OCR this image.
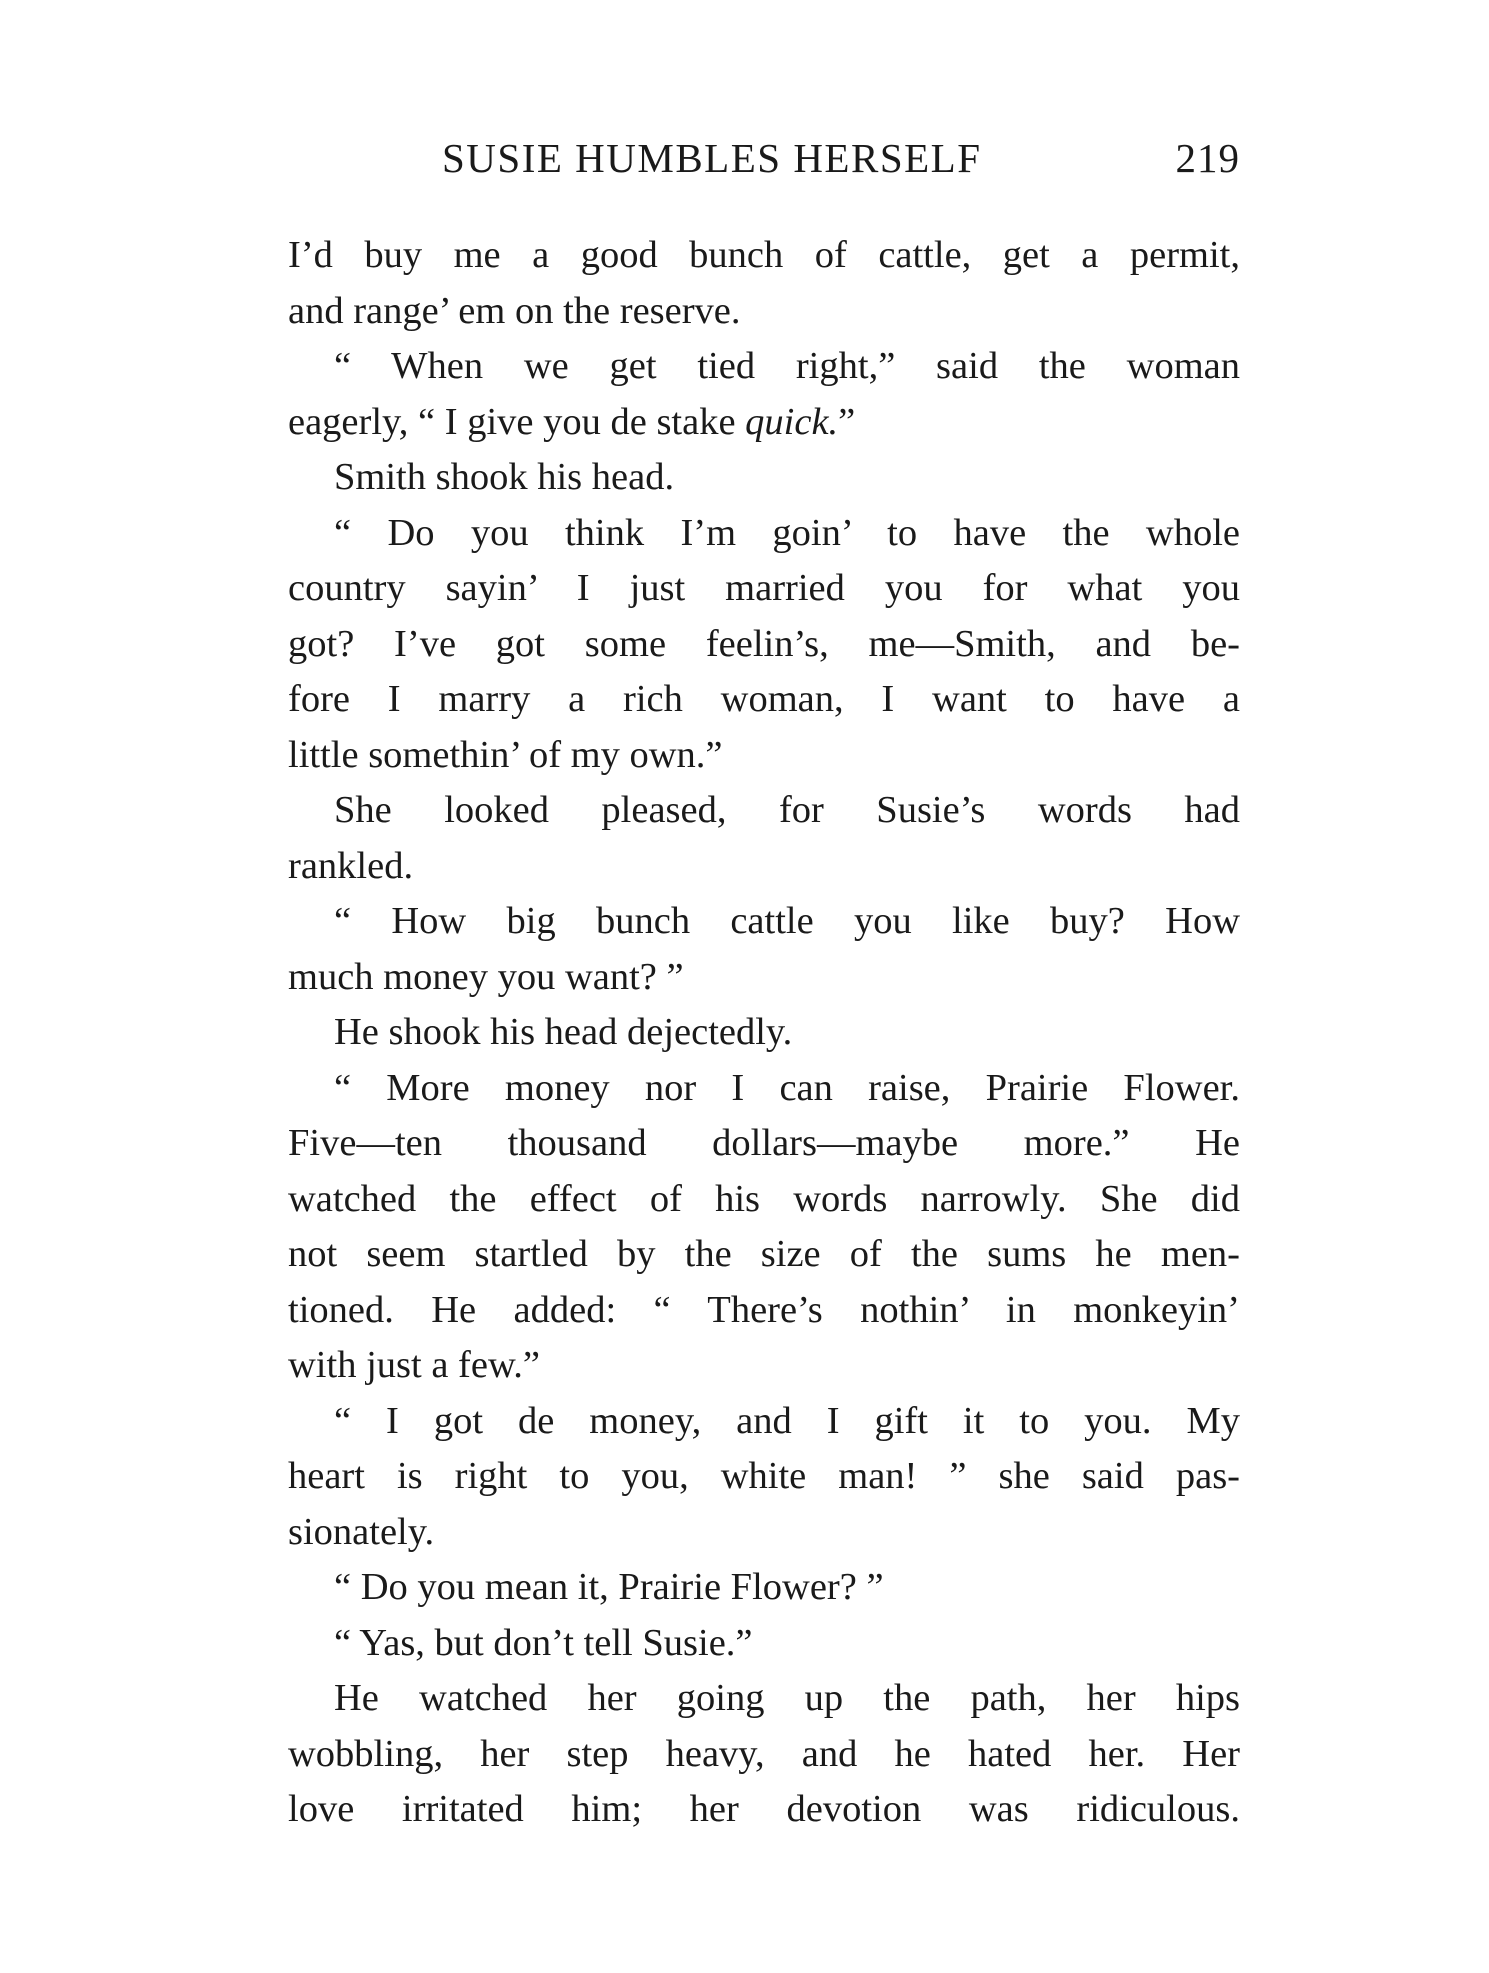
SUSIE HUMBLES HERSELF	219
I’d buy me a good bunch of cattle, get a permit,
and range’ em on the reserve.
“ When we get tied right,” said the woman
eagerly, “ I give you de stake quick.”
Smith shook his head.
“ Do you think I’m goin’ to have the whole
country sayin’ I just married you for what you
got? I’ve got some feelin’s, me—Smith, and be-
fore I marry a rich woman, I want to have a
little somethin’ of my own.”
She looked pleased, for Susie’s words had
rankled.
“ How big bunch cattle you like buy? How
much money you want? ”
He shook his head dejectedly.
“ More money nor I can raise, Prairie Flower.
Five—ten thousand dollars—maybe more.” He
watched the effect of his words narrowly. She did
not seem startled by the size of the sums he men-
tioned. He added: “ There’s nothin’ in monkeyin’
with just a few.”
“ I got de money, and I gift it to you. My
heart is right to you, white man! ” she said pas-
sionately.
“ Do you mean it, Prairie Flower? ”
“ Yas, but don’t tell Susie.”
He watched her going up the path, her hips
wobbling, her step heavy, and he hated her. Her
love irritated him; her devotion was ridiculous.
